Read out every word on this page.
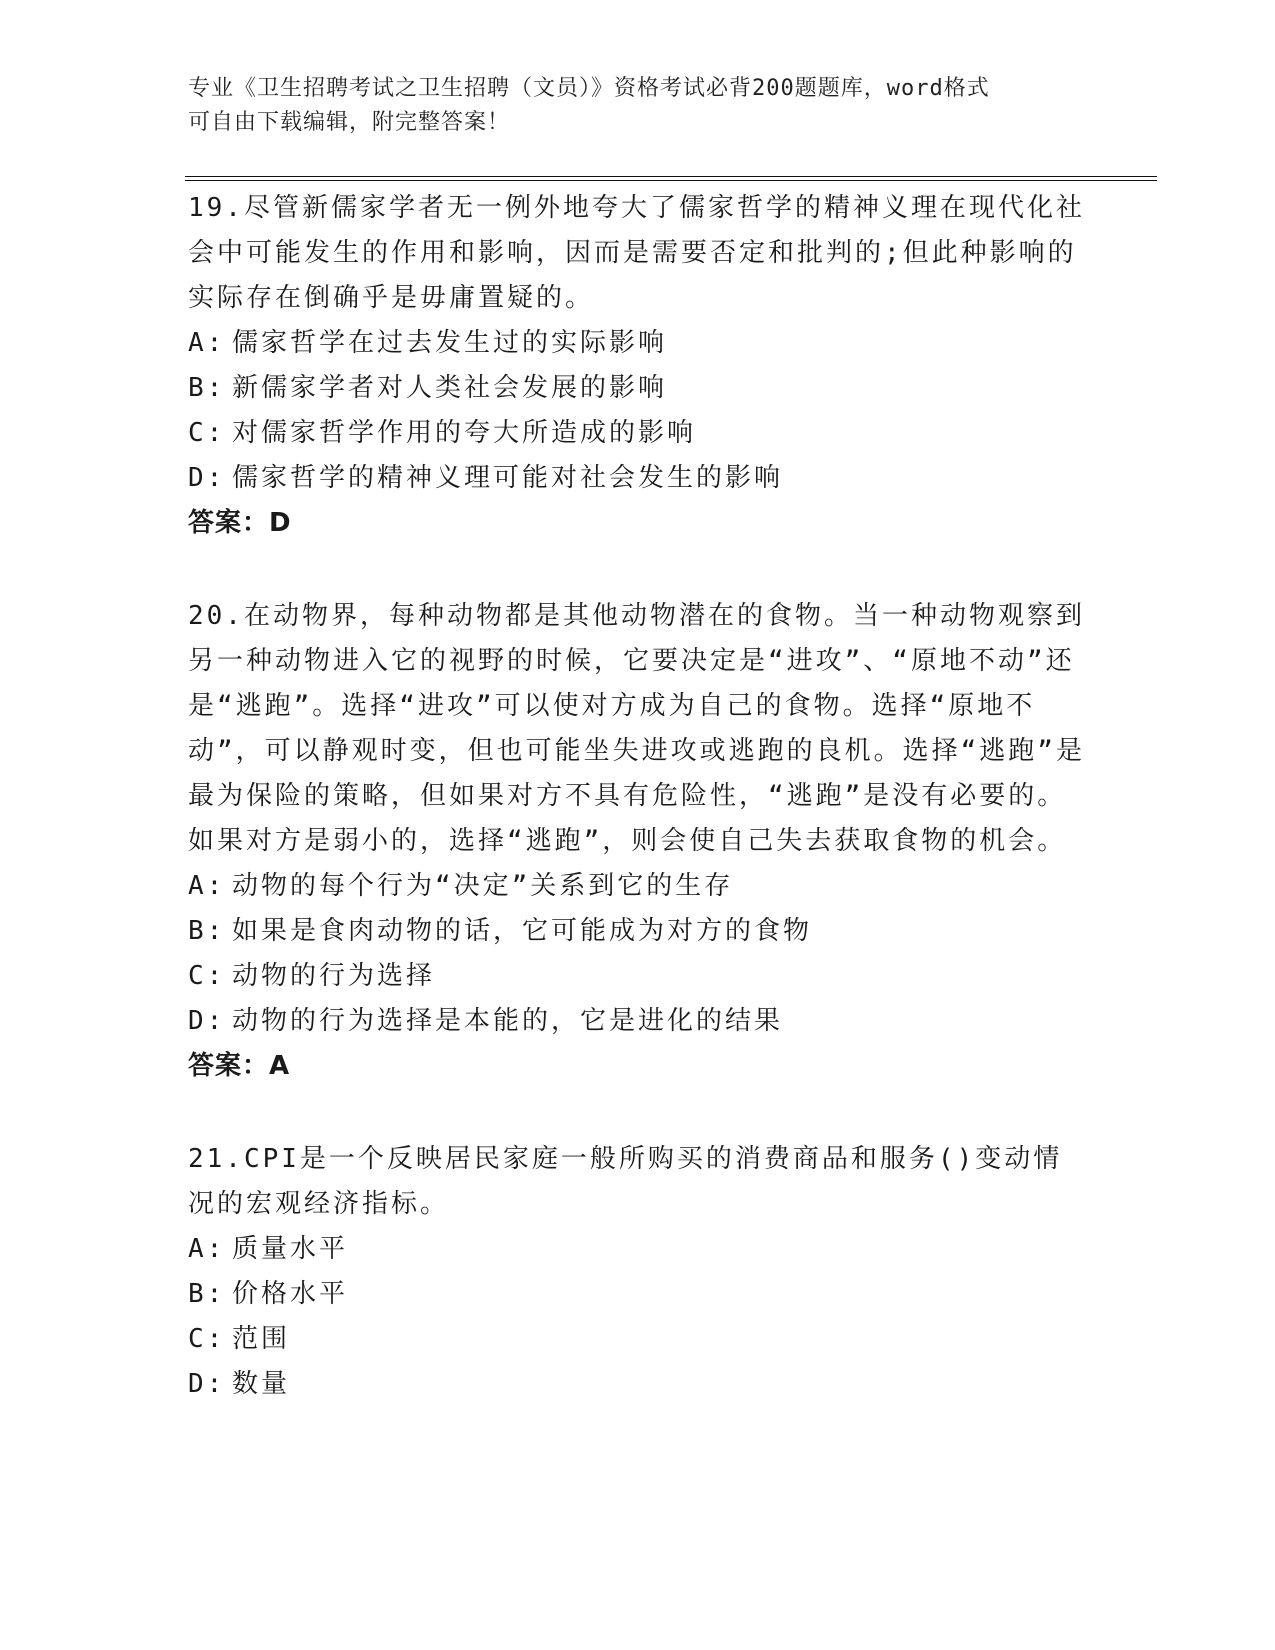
专业《卫生招聘考试之卫生招聘（文员）》资格考试必背200题题库，word格式
可自由下载编辑，附完整答案！

19.尽管新儒家学者无一例外地夸大了儒家哲学的精神义理在现代化社会中可能发生的作用和影响，因而是需要否定和批判的;但此种影响的实际存在倒确乎是毋庸置疑的。

A: 儒家哲学在过去发生过的实际影响
B: 新儒家学者对人类社会发展的影响
C: 对儒家哲学作用的夸大所造成的影响
D: 儒家哲学的精神义理可能对社会发生的影响
答案：D

20.在动物界，每种动物都是其他动物潜在的食物。当一种动物观察到另一种动物进入它的视野的时候，它要决定是“进攻”、“原地不动”还是“逃跑”。选择“进攻”可以使对方成为自己的食物。选择“原地不动”，可以静观时变，但也可能坐失进攻或逃跑的良机。选择“逃跑”是最为保险的策略，但如果对方不具有危险性，“逃跑”是没有必要的。如果对方是弱小的，选择“逃跑”，则会使自己失去获取食物的机会。

A: 动物的每个行为“决定”关系到它的生存
B: 如果是食肉动物的话，它可能成为对方的食物
C: 动物的行为选择
D: 动物的行为选择是本能的，它是进化的结果
答案：A

21.CPI是一个反映居民家庭一般所购买的消费商品和服务()变动情况的宏观经济指标。

A: 质量水平
B: 价格水平
C: 范围
D: 数量
